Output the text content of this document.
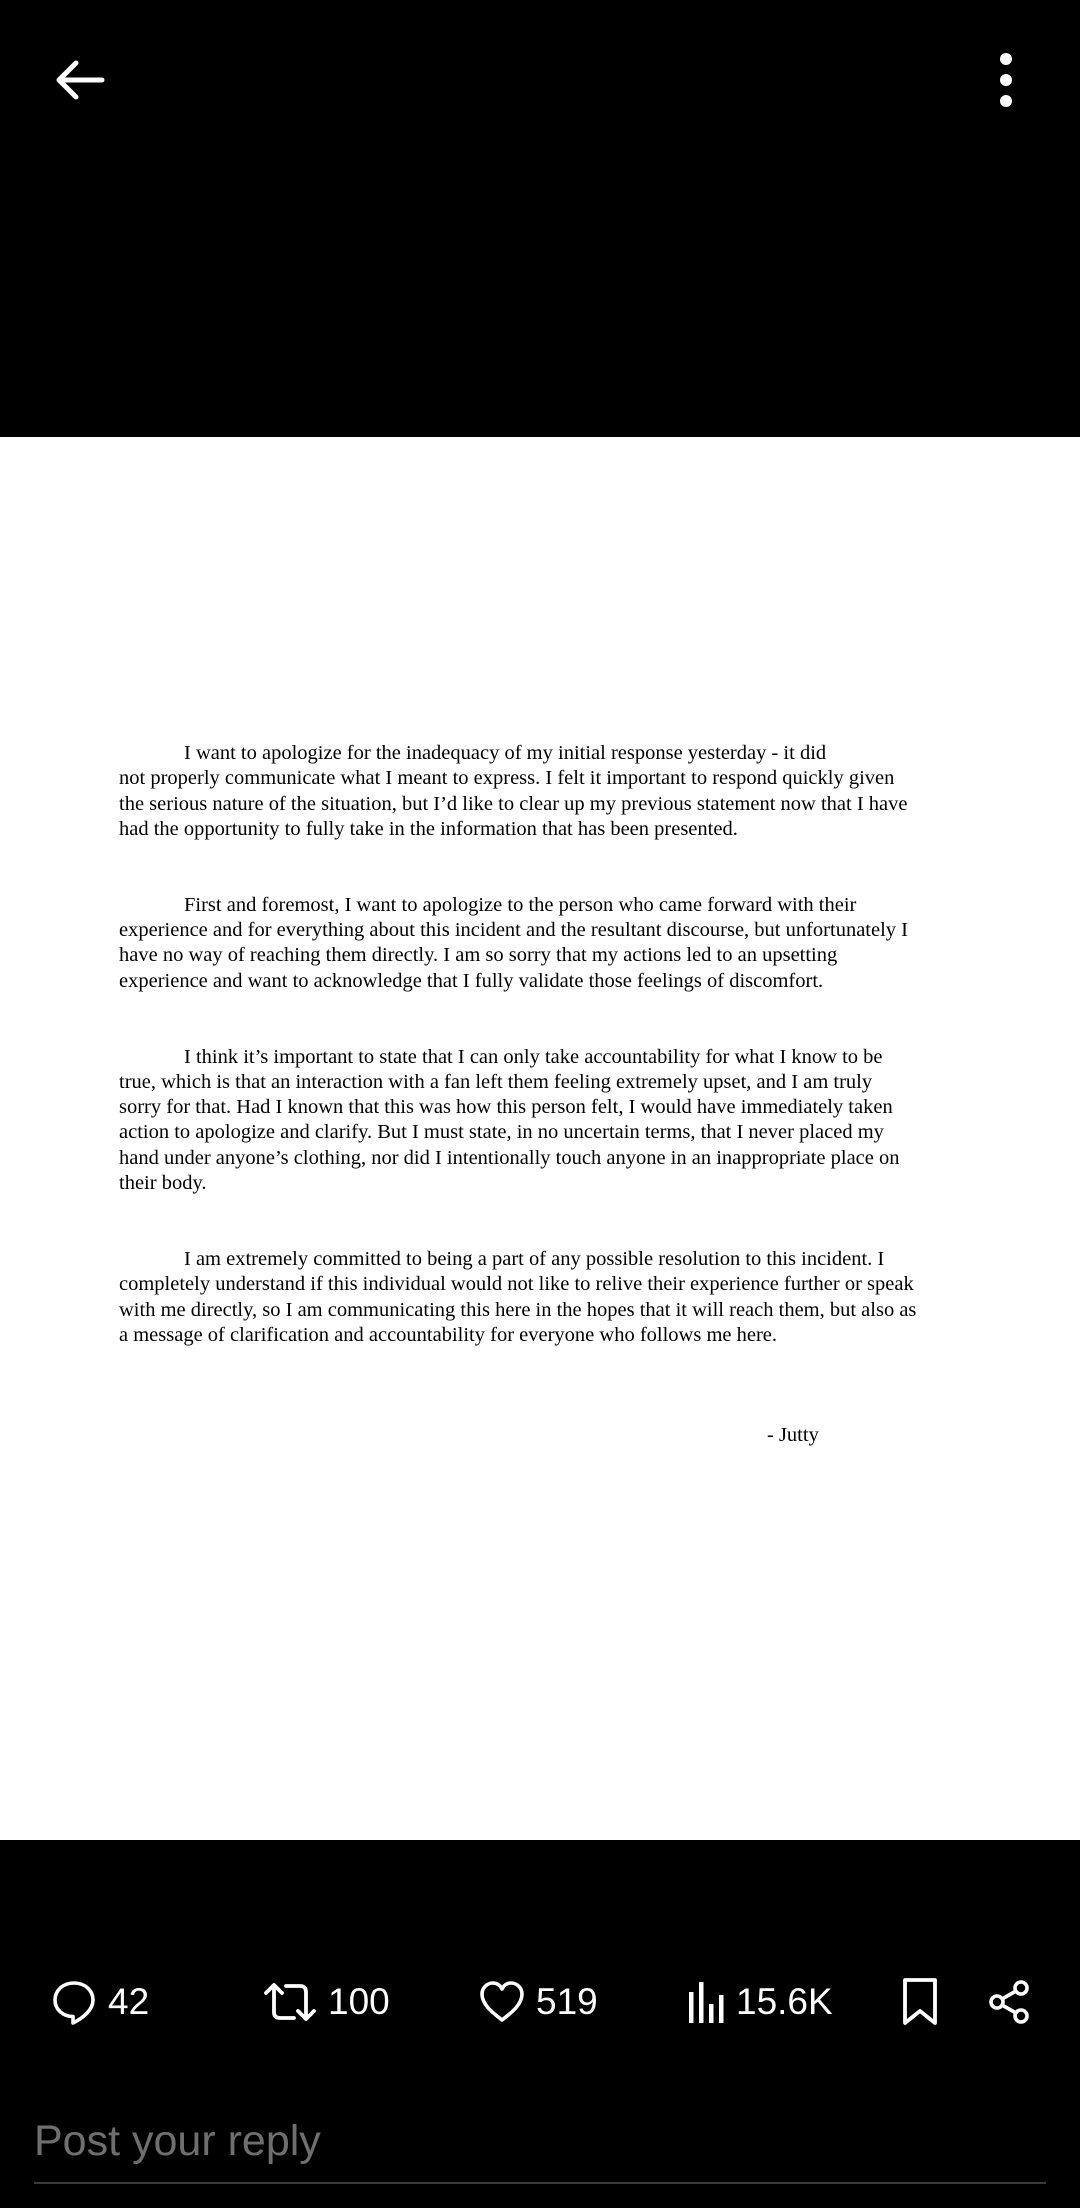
I want to apologize for the inadequacy of my initial response yesterday - it did
not properly communicate what I meant to express. I felt it important to respond quickly given
the serious nature of the situation, but I’d like to clear up my previous statement now that I have
had the opportunity to fully take in the information that has been presented.
First and foremost, I want to apologize to the person who came forward with their
experience and for everything about this incident and the resultant discourse, but unfortunately I
have no way of reaching them directly. I am so sorry that my actions led to an upsetting
experience and want to acknowledge that I fully validate those feelings of discomfort.
I think it’s important to state that I can only take accountability for what I know to be
true, which is that an interaction with a fan left them feeling extremely upset, and I am truly
sorry for that. Had I known that this was how this person felt, I would have immediately taken
action to apologize and clarify. But I must state, in no uncertain terms, that I never placed my
hand under anyone’s clothing, nor did I intentionally touch anyone in an inappropriate place on
their body.
I am extremely committed to being a part of any possible resolution to this incident. I
completely understand if this individual would not like to relive their experience further or speak
with me directly, so I am communicating this here in the hopes that it will reach them, but also as
a message of clarification and accountability for everyone who follows me here.
- Jutty
42	100	519	15.6K
Post your reply
